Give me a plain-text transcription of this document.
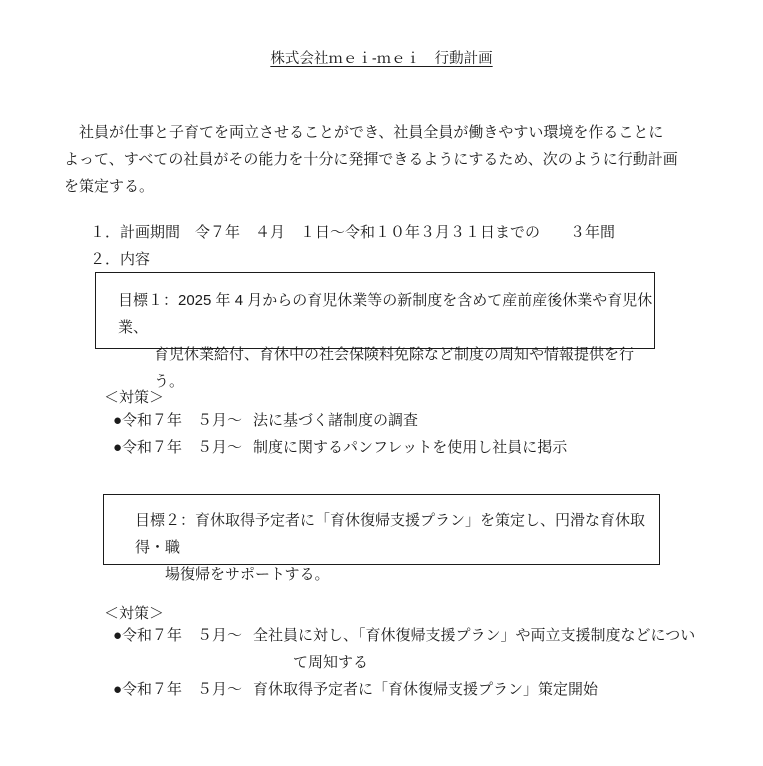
株式会社ｍｅｉ-ｍｅｉ　行動計画
　社員が仕事と子育てを両立させることができ、社員全員が働きやすい環境を作ることに
よって、すべての社員がその能力を十分に発揮できるようにするため、次のように行動計画
を策定する。
１．計画期間　令７年　４月　１日～令和１０年３月３１日までの　　３年間
２．内容
目標１：2025 年 4 月からの育児休業等の新制度を含めて産前産後休業や育児休業、
育児休業給付、育休中の社会保険料免除など制度の周知や情報提供を行う。
＜対策＞
●令和７年　５月～ 法に基づく諸制度の調査
●令和７年　５月～ 制度に関するパンフレットを使用し社員に掲示
目標２：育休取得予定者に「育休復帰支援プラン」を策定し、円滑な育休取得・職
場復帰をサポートする。
＜対策＞
●令和７年　５月～ 全社員に対し、「育休復帰支援プラン」や両立支援制度などについ
て周知する
●令和７年　５月～ 育休取得予定者に「育休復帰支援プラン」策定開始
